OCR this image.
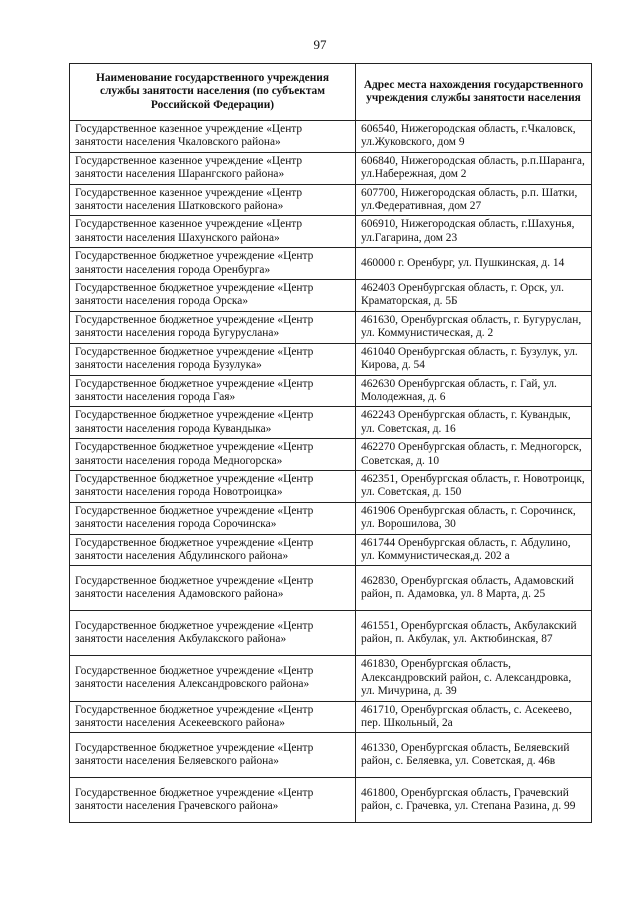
97
Наименование государственного учреждения службы занятости населения (по субъектам Российской Федерации)	Адрес места нахождения государственного учреждения службы занятости населения
Государственное казенное учреждение «Центр занятости населения Чкаловского района»	606540, Нижегородская область, г.Чкаловск, ул.Жуковского, дом 9
Государственное казенное учреждение «Центр занятости населения Шарангского района»	606840, Нижегородская область, р.п.Шаранга, ул.Набережная, дом 2
Государственное казенное учреждение «Центр занятости населения Шатковского района»	607700, Нижегородская область, р.п. Шатки, ул.Федеративная, дом 27
Государственное казенное учреждение «Центр занятости населения Шахунского района»	606910, Нижегородская область, г.Шахунья, ул.Гагарина, дом 23
Государственное бюджетное учреждение «Центр занятости населения города Оренбурга»	460000 г. Оренбург, ул. Пушкинская, д. 14
Государственное бюджетное учреждение «Центр занятости населения города Орска»	462403 Оренбургская область, г. Орск, ул. Краматорская, д. 5Б
Государственное бюджетное учреждение «Центр занятости населения города Бугуруслана»	461630, Оренбургская область, г. Бугуруслан, ул. Коммунистическая, д. 2
Государственное бюджетное учреждение «Центр занятости населения города Бузулука»	461040 Оренбургская область, г. Бузулук, ул. Кирова, д. 54
Государственное бюджетное учреждение «Центр занятости населения города Гая»	462630 Оренбургская область, г. Гай, ул. Молодежная, д. 6
Государственное бюджетное учреждение «Центр занятости населения города Кувандыка»	462243 Оренбургская область, г. Кувандык, ул. Советская, д. 16
Государственное бюджетное учреждение «Центр занятости населения города Медногорска»	462270 Оренбургская область, г. Медногорск, Советская, д. 10
Государственное бюджетное учреждение «Центр занятости населения города Новотроицка»	462351, Оренбургская область, г. Новотроицк, ул. Советская, д. 150
Государственное бюджетное учреждение «Центр занятости населения города Сорочинска»	461906 Оренбургская область, г. Сорочинск, ул. Ворошилова, 30
Государственное бюджетное учреждение «Центр занятости населения Абдулинского района»	461744 Оренбургская область, г. Абдулино, ул. Коммунистическая,д. 202 а
Государственное бюджетное учреждение «Центр занятости населения Адамовского района»	462830, Оренбургская область, Адамовский район, п. Адамовка, ул. 8 Марта, д. 25
Государственное бюджетное учреждение «Центр занятости населения Акбулакского района»	461551, Оренбургская область, Акбулакский район, п. Акбулак, ул. Актюбинская, 87
Государственное бюджетное учреждение «Центр занятости населения Александровского района»	461830, Оренбургская область, Александровский район, с. Александровка, ул. Мичурина, д. 39
Государственное бюджетное учреждение «Центр занятости населения Асекеевского района»	461710, Оренбургская область, с. Асекеево, пер. Школьный, 2а
Государственное бюджетное учреждение «Центр занятости населения Беляевского района»	461330, Оренбургская область, Беляевский район, с. Беляевка, ул. Советская, д. 46в
Государственное бюджетное учреждение «Центр занятости населения Грачевского района»	461800, Оренбургская область, Грачевский район, с. Грачевка, ул. Степана Разина, д. 99
